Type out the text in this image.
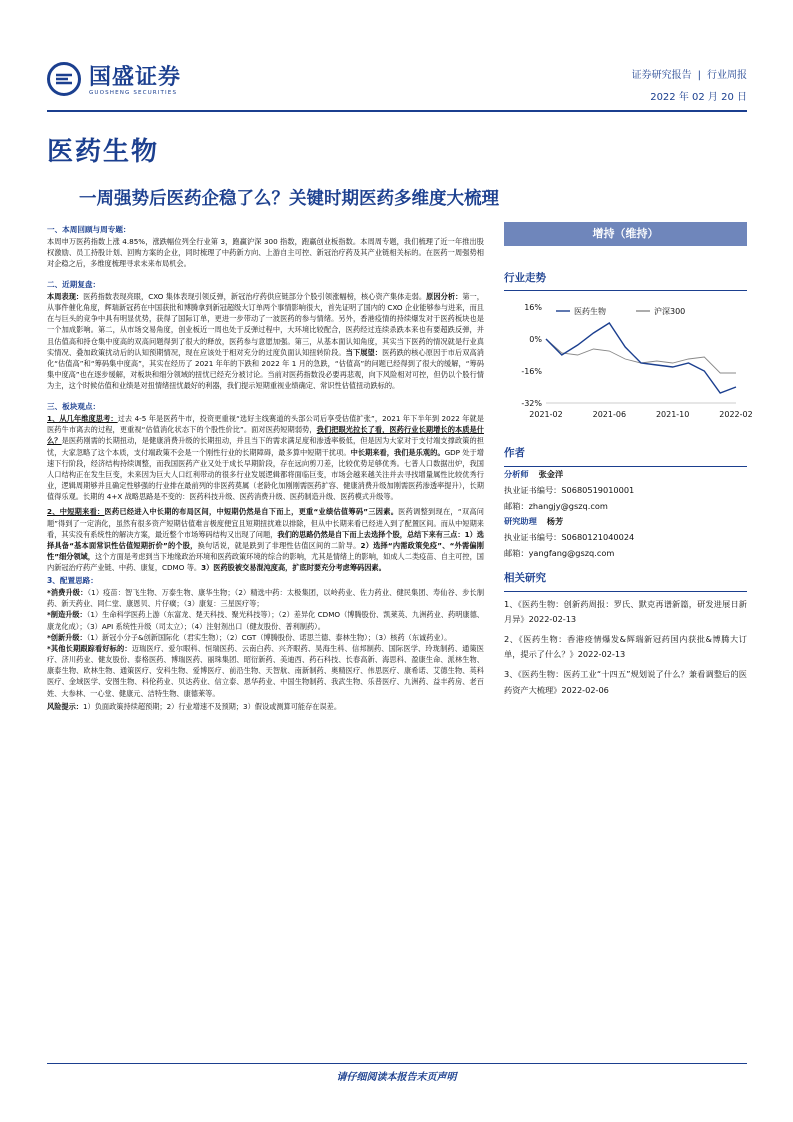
国盛证券
GUOSHENG SECURITIES
证券研究报告 | 行业周报
2022 年 02 月 20 日
医药生物
一周强势后医药企稳了么？关键时期医药多维度大梳理
一、本周回顾与周专题：
本周申万医药指数上涨 4.85%，涨跌幅位列全行业第 3，跑赢沪深 300 指数，跑赢创业板指数。本周周专题，我们梳理了近一年推出股权激励、员工持股计划、回购方案的企业，同时梳理了中药新方向、上游自主可控、新冠治疗药及其产业链相关标的。在医药一周强势相对企稳之后，多维度梳理寻求未来布局机会。
二、近期复盘：
本周表现：医药指数表现亮眼，CXO 集体表现引领反弹，新冠治疗药供应链部分个股引领涨幅榜，核心资产集体走弱。原因分析：第一，从事件催化角度，辉瑞新冠药在中国获批和博腾拿到新冠超级大订单两个事情影响很大，首先证明了国内的 CXO 企业能够参与进来，而且在与巨头的竞争中具有明显优势，获得了国际订单，更进一步带动了一波医药的参与情绪。另外，香港疫情的持续爆发对于医药板块也是一个加成影响。第二，从市场交易角度，创业板近一周也处于反弹过程中，大环境比较配合，医药经过连续杀跌本来也有要超跌反弹，并且估值高和持仓集中度高的双高问题得到了很大的释放，医药参与意愿加强。第三，从基本面认知角度，其实当下医药的情况就是行业真实情况、叠加政策扰动后的认知预期情况，现在应该处于相对充分的过度负面认知扭转阶段。当下展望：医药跌的核心原因于市后双高消化“估值高”和“筹码集中度高”，其实在经历了 2021 年年的下跌和 2022 年 1 月的急跌，“估值高”的问题已经得到了很大的缓解，“筹码集中度高”也在逐步缓解，对板块和细分领域的扭忧已经充分被讨论。当前对医药指数没必要再悲观，向下风险相对可控，但仍以个股行情为主，这个时候估值和业绩是对扭情绪扭忧最好的利器，我们提示短期重视业绩确定、常识性估值扭动跌标的。
三、板块观点：
1、从几年维度思考：过去 4-5 年是医药牛市，投资更重视“选好主线赛道的头部公司后享受估值扩张”，2021 年下半年到 2022 年就是医药牛市离去的过程，更重视“估值消化状态下的个股性价比”。面对医药短期弱势，我们把眼光拉长了看，医药行业长期增长的本质是什么？是医药刚需的长期扭动，是健康消费升级的长期扭动，并且当下的需求满足度和渗透率极低，但是因为大家对于支付端支撑政策的担忧，大家忽略了这个本质，支付端政策不会是一个刚性行业的长期障碍，最多算中短期干扰项。中长期来看，我们是乐观的。GDP 处于增速下行阶段，经济结构持续调整，而我国医药产业又处于成长早期阶段，存在远向剪刀差，比较优势足够优秀。七普人口数据出炉，我国人口结构正在发生巨变，未来因为巨大人口红利带动的很多行业发展逻辑都将面临巨变，市场会越来越关注并去寻找增量属性比较优秀行业，逻辑周期够并且确定性够强的行业排在最前列的非医药莫属（老龄化加刚刚需医药扩容、健康消费升级加刚需医药渗透率提升），长期值得乐观。长期的 4+X 战略思路是不变的：医药科技升级、医药消费升级、医药制造升级、医药模式升级等。
2、中短期来看：医药已经进入中长期的布局区间，中短期仍然是自下而上，更重“业绩估值筹码”三因素。医药调整到现在，“双高问题”得到了一定消化，虽然有很多资产短期估值难言极度便宜且短期扭扰难以排除，但从中长期来看已经进入到了配置区间。而从中短期来看，其实没有系统性的解决方案，最近整个市场筹码结构又出现了问题，我们的思路仍然是自下而上去选择个股，总结下来有三点：1）选择具备“基本面常识性估值短期折价”的个股，换句话说，就是跌到了非理性估值区间的二阶导。2）选择“内需政策免疫”、“外需偏刚性”细分领域，这个方面是考虑到当下地缘政治环境和医药政策环境的综合的影响，尤其是情绪上的影响，如成人二类疫苗、自主可控，国内新冠治疗药产业链、中药、康复，CDMO 等。3）医药股被交易混沌度高，扩底时要充分考虑筹码因素。
3、配置思路：
*消费升级：（1）疫苗：智飞生物、万泰生物、康华生物；（2）精选中药：太极集团，以岭药业、佐力药业、健民集团、寿仙谷、步长制药、新天药业、同仁堂、康恩贝、片仔癀；（3）康复：三星医疗等；
*制造升级：（1）生命科学医药上游（东富龙、楚天科技、聚光科技等）；（2）差异化 CDMO（博腾股份、凯莱英、九洲药业、药明康德、康龙化成）；（3）API 系统性升级（司太立）；（4）注射剂出口（健友股份、普利制药）。
*创新升级：（1）新冠小分子&创新国际化（君实生物）；（2）CGT（博腾股份、诺思兰德、泰林生物）；（3）核药（东诚药业）。
*其他长期跟踪看好标的：迈瑞医疗、爱尔眼科、恒瑞医药、云南白药、兴齐眼药、昊海生科、信邦制药、国际医学、玲珑制药、通策医疗、济川药业、健友股份、泰格医药、博瑞医药、丽珠集团、昭衍新药、美迪西、药石科技、长春高新、海思科、盈康生命、派林生物、康泰生物、欧林生物、通策医疗、安科生物、爱博医疗、前沿生物、天智航、南新制药、奥精医疗、伟思医疗、康希诺、艾德生物、英科医疗、金域医学、安图生物、科伦药业、贝达药业、信立泰、恩华药业、中国生物制药、我武生物、乐普医疗、九洲药、益丰药房、老百姓、大参林、一心堂、健康元、洁特生物、康德莱等。
风险提示：1）负面政策持续超预期；2）行业增速不及预期；3）假设或测算可能存在误差。
增持（维持）
行业走势
16%
0%
-16%
-32%
2021-02	2021-06	2021-10	2022-02
医药生物	沪深300
作者
分析师 张金洋
执业证书编号：S0680519010001
邮箱：zhangjy@gszq.com
研究助理 杨芳
执业证书编号：S0680121040024
邮箱：yangfang@gszq.com
相关研究
1、《医药生物：创新药周报：罗氏、默克再谱新篇，研发进展日新月异》2022-02-13
2、《医药生物：香港疫情爆发&辉瑞新冠药国内获批&博腾大订单，提示了什么？》2022-02-13
3、《医药生物：医药工业“十四五”规划说了什么？兼看调整后的医药资产大梳理》2022-02-06
请仔细阅读本报告末页声明
